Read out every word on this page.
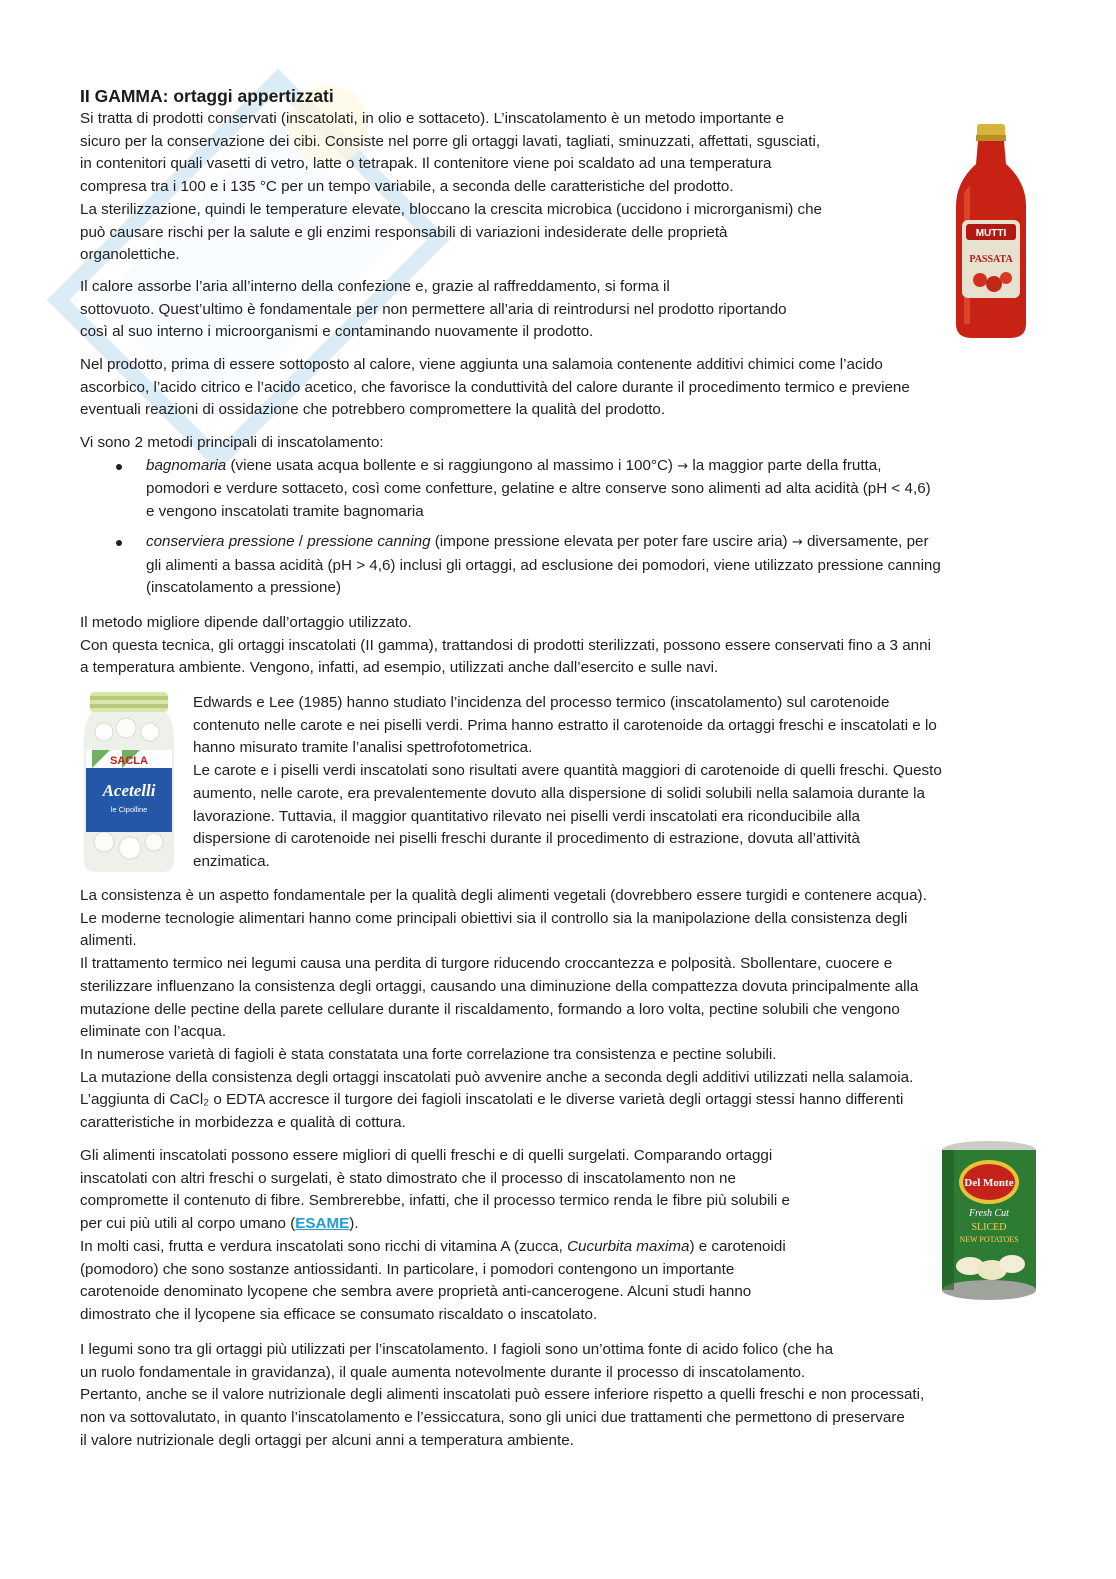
II GAMMA: ortaggi appertizzati

Si tratta di prodotti conservati (inscatolati, in olio e sottaceto). L’inscatolamento è un metodo importante e

sicuro per la conservazione dei cibi. Consiste nel porre gli ortaggi lavati, tagliati, sminuzzati, affettati, sgusciati,

in contenitori quali vasetti di vetro, latte o tetrapak. Il contenitore viene poi scaldato ad una temperatura

compresa tra i 100 e i 135 °C per un tempo variabile, a seconda delle caratteristiche del prodotto.

La sterilizzazione, quindi le temperature elevate, bloccano la crescita microbica (uccidono i microrganismi) che

può causare rischi per la salute e gli enzimi responsabili di variazioni indesiderate delle proprietà

organolettiche.

Il calore assorbe l’aria all’interno della confezione e, grazie al raffreddamento, si forma il

sottovuoto. Quest’ultimo è fondamentale per non permettere all’aria di reintrodursi nel prodotto riportando

così al suo interno i microorganismi e contaminando nuovamente il prodotto.

Nel prodotto, prima di essere sottoposto al calore, viene aggiunta una salamoia contenente additivi chimici come l’acido

ascorbico, l’acido citrico e l’acido acetico, che favorisce la conduttività del calore durante il procedimento termico e previene

eventuali reazioni di ossidazione che potrebbero compromettere la qualità del prodotto.

Vi sono 2 metodi principali di inscatolamento:

bagnomaria (viene usata acqua bollente e si raggiungono al massimo i 100°C) → la maggior parte della frutta,

pomodori e verdure sottaceto, così come confetture, gelatine e altre conserve sono alimenti ad alta acidità (pH < 4,6)

e vengono inscatolati tramite bagnomaria

conserviera pressione / pressione canning (impone pressione elevata per poter fare uscire aria) → diversamente, per

gli alimenti a bassa acidità (pH > 4,6) inclusi gli ortaggi, ad esclusione dei pomodori, viene utilizzato pressione canning

(inscatolamento a pressione)

Il metodo migliore dipende dall’ortaggio utilizzato.

Con questa tecnica, gli ortaggi inscatolati (II gamma), trattandosi di prodotti sterilizzati, possono essere conservati fino a 3 anni

a temperatura ambiente. Vengono, infatti, ad esempio, utilizzati anche dall’esercito e sulle navi.

Edwards e Lee (1985) hanno studiato l’incidenza del processo termico (inscatolamento) sul carotenoide

contenuto nelle carote e nei piselli verdi. Prima hanno estratto il carotenoide da ortaggi freschi e inscatolati e lo

hanno misurato tramite l’analisi spettrofotometrica.

Le carote e i piselli verdi inscatolati sono risultati avere quantità maggiori di carotenoide di quelli freschi. Questo

aumento, nelle carote, era prevalentemente dovuto alla dispersione di solidi solubili nella salamoia durante la

lavorazione. Tuttavia, il maggior quantitativo rilevato nei piselli verdi inscatolati era riconducibile alla

dispersione di carotenoide nei piselli freschi durante il procedimento di estrazione, dovuta all’attività

enzimatica.

La consistenza è un aspetto fondamentale per la qualità degli alimenti vegetali (dovrebbero essere turgidi e contenere acqua).

Le moderne tecnologie alimentari hanno come principali obiettivi sia il controllo sia la manipolazione della consistenza degli

alimenti.

Il trattamento termico nei legumi causa una perdita di turgore riducendo croccantezza e polposità. Sbollentare, cuocere e

sterilizzare influenzano la consistenza degli ortaggi, causando una diminuzione della compattezza dovuta principalmente alla

mutazione delle pectine della parete cellulare durante il riscaldamento, formando a loro volta, pectine solubili che vengono

eliminate con l’acqua.

In numerose varietà di fagioli è stata constatata una forte correlazione tra consistenza e pectine solubili.

La mutazione della consistenza degli ortaggi inscatolati può avvenire anche a seconda degli additivi utilizzati nella salamoia.

L’aggiunta di CaCl₂ o EDTA accresce il turgore dei fagioli inscatolati e le diverse varietà degli ortaggi stessi hanno differenti

caratteristiche in morbidezza e qualità di cottura.

Gli alimenti inscatolati possono essere migliori di quelli freschi e di quelli surgelati. Comparando ortaggi

inscatolati con altri freschi o surgelati, è stato dimostrato che il processo di inscatolamento non ne

compromette il contenuto di fibre. Sembrerebbe, infatti, che il processo termico renda le fibre più solubili e

per cui più utili al corpo umano (ESAME).

In molti casi, frutta e verdura inscatolati sono ricchi di vitamina A (zucca, Cucurbita maxima) e carotenoidi

(pomodoro) che sono sostanze antiossidanti. In particolare, i pomodori contengono un importante

carotenoide denominato lycopene che sembra avere proprietà anti-cancerogene. Alcuni studi hanno

dimostrato che il lycopene sia efficace se consumato riscaldato o inscatolato.

I legumi sono tra gli ortaggi più utilizzati per l’inscatolamento. I fagioli sono un’ottima fonte di acido folico (che ha

un ruolo fondamentale in gravidanza), il quale aumenta notevolmente durante il processo di inscatolamento.

Pertanto, anche se il valore nutrizionale degli alimenti inscatolati può essere inferiore rispetto a quelli freschi e non processati,

non va sottovalutato, in quanto l’inscatolamento e l’essiccatura, sono gli unici due trattamenti che permettono di preservare

il valore nutrizionale degli ortaggi per alcuni anni a temperatura ambiente.

MUTTI
PASSATA
SACLA
Acetelli
le Cipolline
Del Monte
Fresh Cut
SLICED
NEW POTATOES
